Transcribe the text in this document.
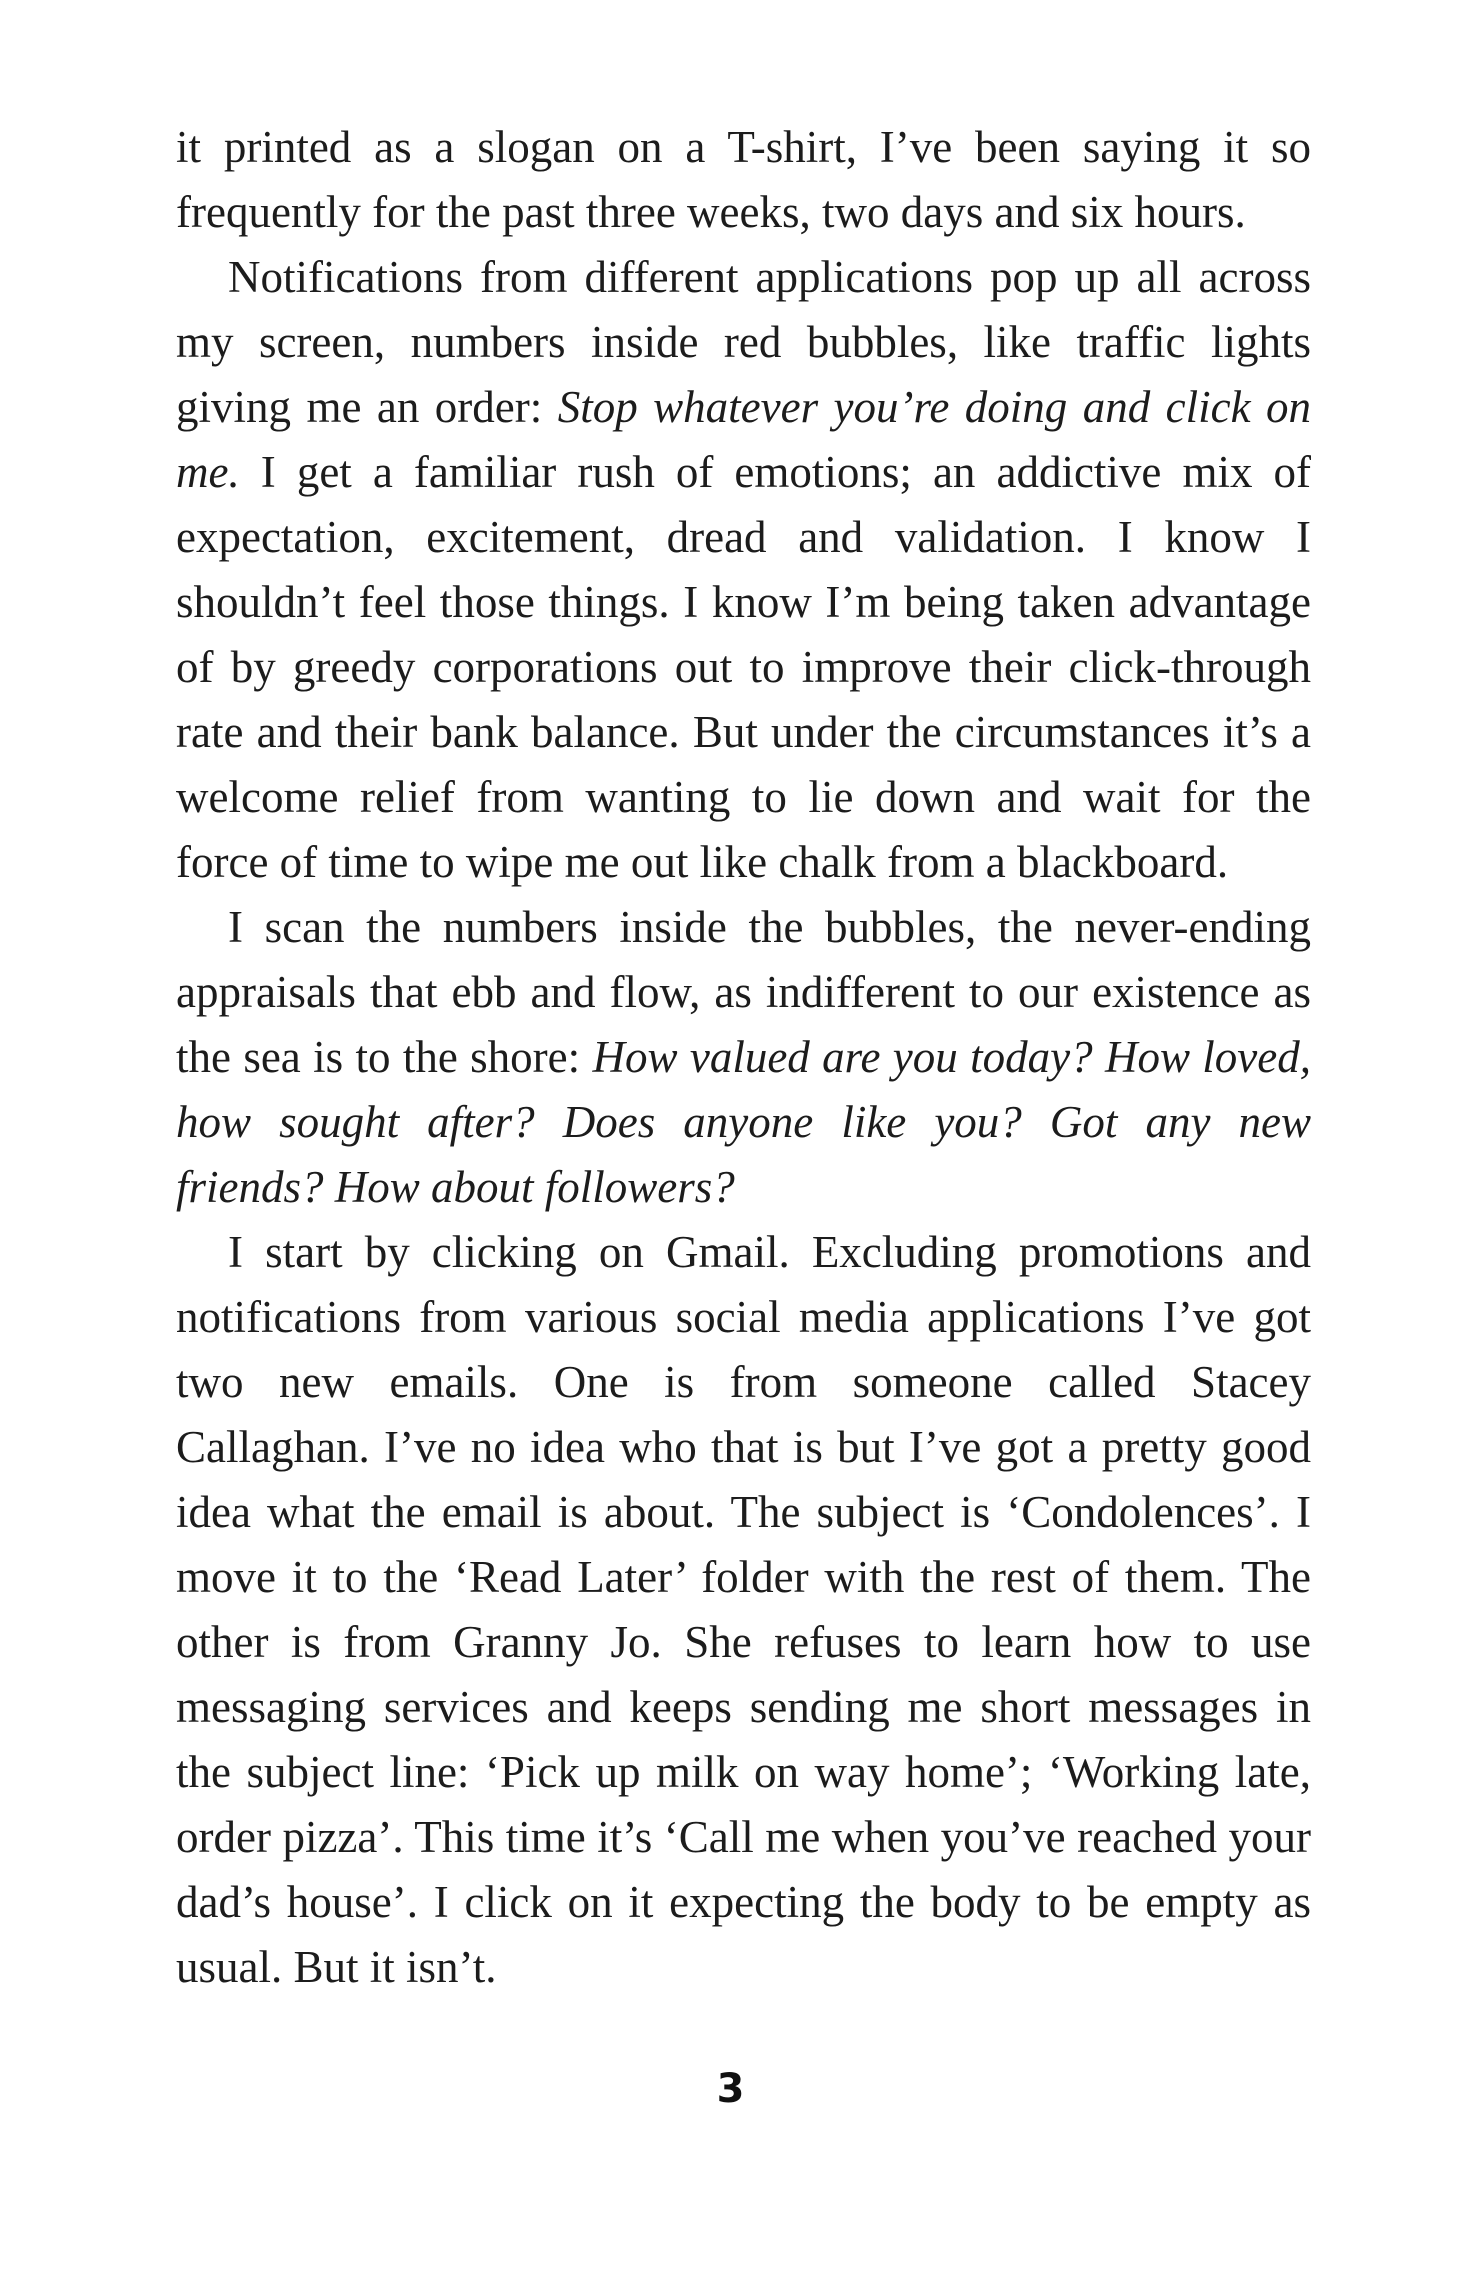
it printed as a slogan on a T-shirt, I’ve been saying it so frequently for the past three weeks, two days and six hours.

Notifications from different applications pop up all across my screen, numbers inside red bubbles, like traffic lights giving me an order: Stop whatever you’re doing and click on me. I get a familiar rush of emotions; an addictive mix of expectation, excitement, dread and validation. I know I shouldn’t feel those things. I know I’m being taken advantage of by greedy corporations out to improve their click-through rate and their bank balance. But under the circumstances it’s a welcome relief from wanting to lie down and wait for the force of time to wipe me out like chalk from a blackboard.

I scan the numbers inside the bubbles, the never-ending appraisals that ebb and flow, as indifferent to our existence as the sea is to the shore: How valued are you today? How loved, how sought after? Does anyone like you? Got any new friends? How about followers?

I start by clicking on Gmail. Excluding promotions and notifications from various social media applications I’ve got two new emails. One is from someone called Stacey Callaghan. I’ve no idea who that is but I’ve got a pretty good idea what the email is about. The subject is ‘Condolences’. I move it to the ‘Read Later’ folder with the rest of them. The other is from Granny Jo. She refuses to learn how to use messaging services and keeps sending me short messages in the subject line: ‘Pick up milk on way home’; ‘Working late, order pizza’. This time it’s ‘Call me when you’ve reached your dad’s house’. I click on it expecting the body to be empty as usual. But it isn’t.

3
